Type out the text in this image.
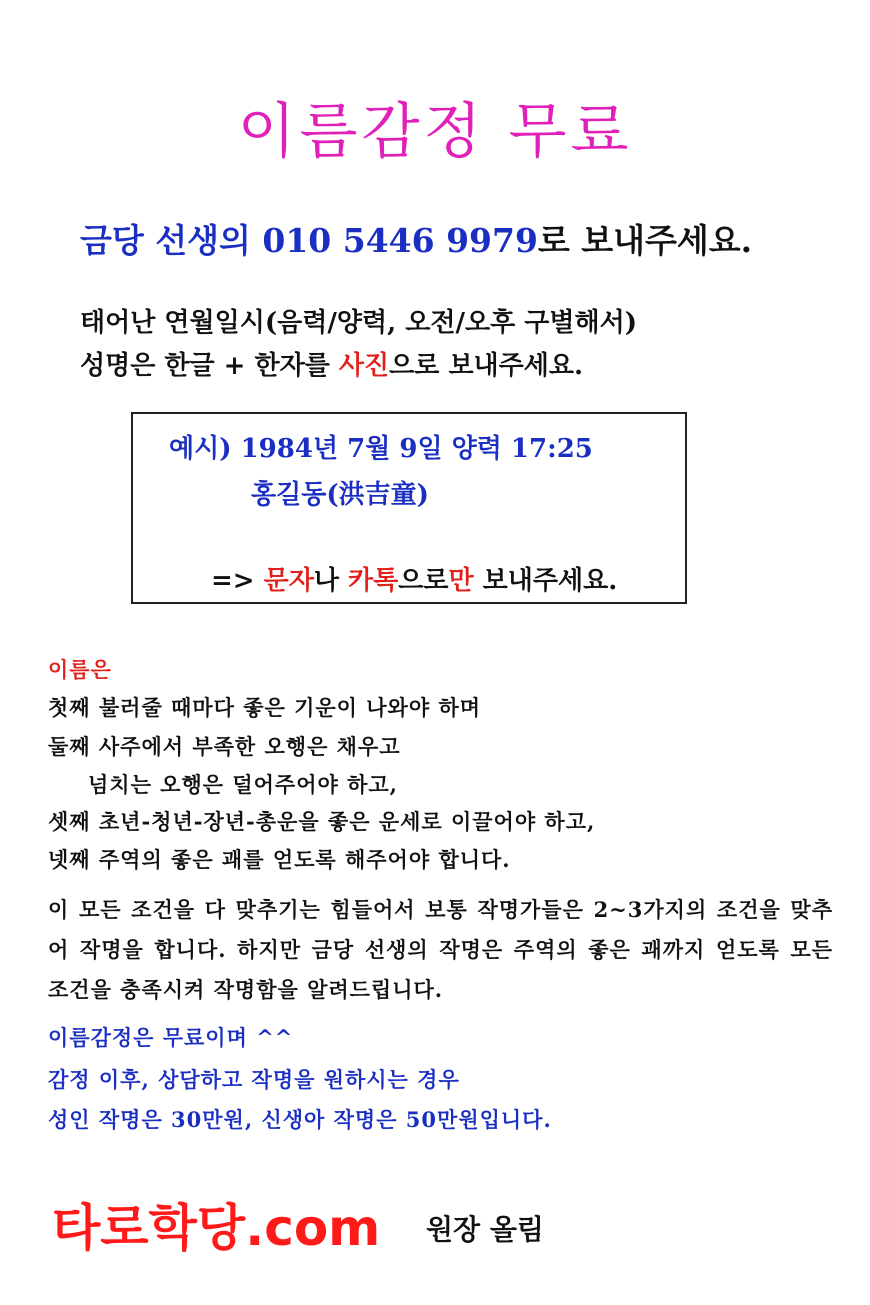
이름감정 무료
금당 선생의 010 5446 9979로 보내주세요.
태어난 연월일시(음력/양력, 오전/오후 구별해서)
성명은 한글 + 한자를 사진으로 보내주세요.
예시) 1984년 7월 9일 양력 17:25
홍길동(洪吉童)
=> 문자나 카톡으로만 보내주세요.
이름은
첫째 불러줄 때마다 좋은 기운이 나와야 하며
둘째 사주에서 부족한 오행은 채우고
넘치는 오행은 덜어주어야 하고,
셋째 초년-청년-장년-총운을 좋은 운세로 이끌어야 하고,
넷째 주역의 좋은 괘를 얻도록 해주어야 합니다.
이 모든 조건을 다 맞추기는 힘들어서 보통 작명가들은 2~3가지의 조건을 맞추어 작명을 합니다. 하지만 금당 선생의 작명은 주역의 좋은 괘까지 얻도록 모든 조건을 충족시켜 작명함을 알려드립니다.
이름감정은 무료이며 ^^
감정 이후, 상담하고 작명을 원하시는 경우
성인 작명은 30만원, 신생아 작명은 50만원입니다.
타로학당.com 원장 올림
